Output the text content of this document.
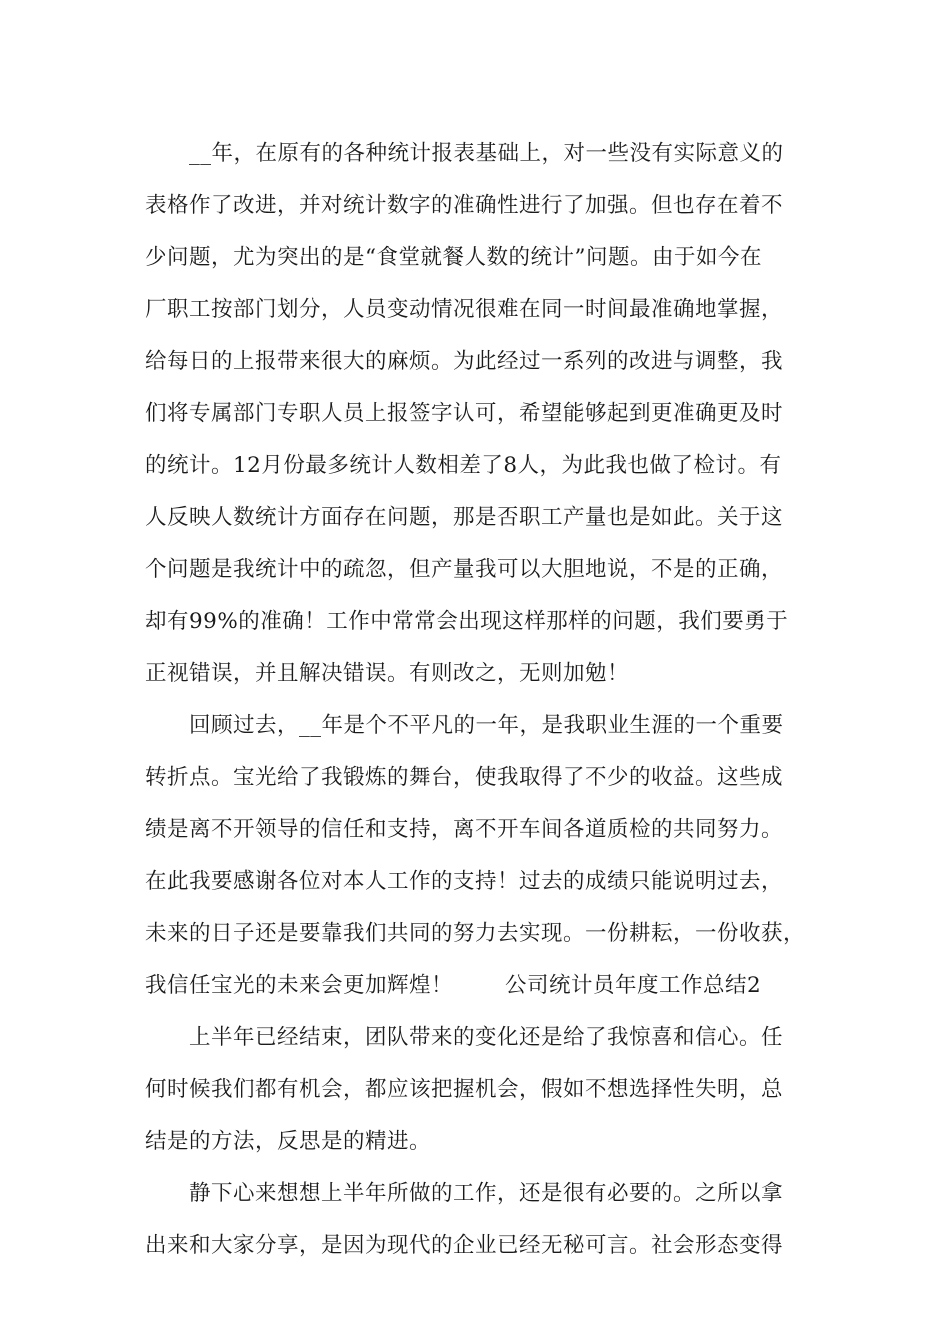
__年，在原有的各种统计报表基础上，对一些没有实际意义的
表格作了改进，并对统计数字的准确性进行了加强。但也存在着不
少问题，尤为突出的是“食堂就餐人数的统计”问题。由于如今在
厂职工按部门划分，人员变动情况很难在同一时间最准确地掌握，
给每日的上报带来很大的麻烦。为此经过一系列的改进与调整，我
们将专属部门专职人员上报签字认可，希望能够起到更准确更及时
的统计。12月份最多统计人数相差了8人，为此我也做了检讨。有
人反映人数统计方面存在问题，那是否职工产量也是如此。关于这
个问题是我统计中的疏忽，但产量我可以大胆地说，不是的正确，
却有99%的准确！工作中常常会出现这样那样的问题，我们要勇于
正视错误，并且解决错误。有则改之，无则加勉！
回顾过去，__年是个不平凡的一年，是我职业生涯的一个重要
转折点。宝光给了我锻炼的舞台，使我取得了不少的收益。这些成
绩是离不开领导的信任和支持，离不开车间各道质检的共同努力。
在此我要感谢各位对本人工作的支持！过去的成绩只能说明过去，
未来的日子还是要靠我们共同的努力去实现。一份耕耘，一份收获，
我信任宝光的未来会更加辉煌！ 公司统计员年度工作总结2
上半年已经结束，团队带来的变化还是给了我惊喜和信心。任
何时候我们都有机会，都应该把握机会，假如不想选择性失明，总
结是的方法，反思是的精进。
静下心来想想上半年所做的工作，还是很有必要的。之所以拿
出来和大家分享，是因为现代的企业已经无秘可言。社会形态变得
